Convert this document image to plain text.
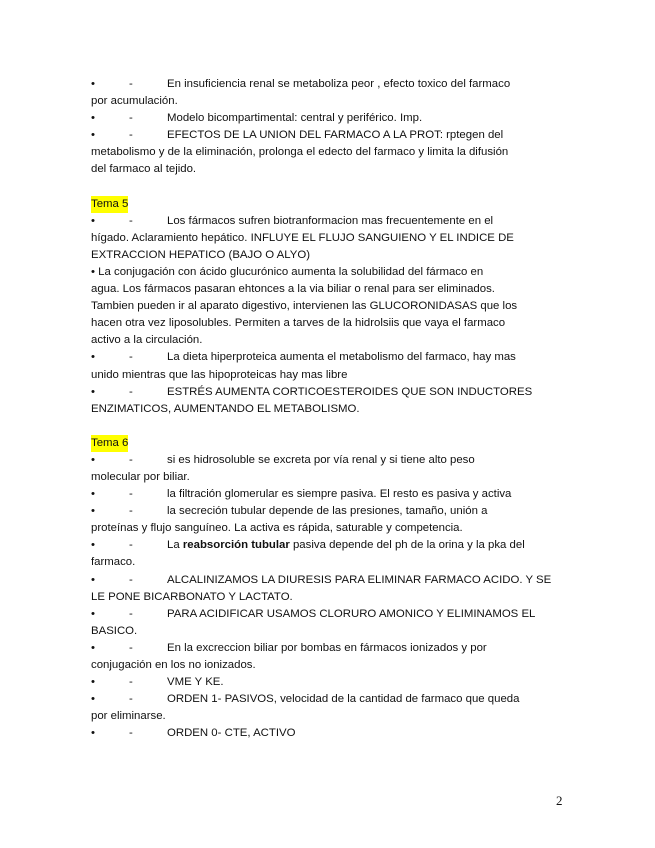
•	-	En insuficiencia renal se metaboliza peor , efecto toxico del farmaco

por acumulación.

•	-	Modelo bicompartimental: central y periférico. Imp.

•	-	EFECTOS DE LA UNION DEL FARMACO A LA PROT: rptegen del

metabolismo y de la eliminación, prolonga el edecto del farmaco y limita la difusión

del farmaco al tejido.

Tema 5

•	-	Los fármacos sufren biotranformacion mas frecuentemente en el

hígado. Aclaramiento hepático. INFLUYE EL FLUJO SANGUIENO Y EL INDICE DE

EXTRACCION HEPATICO (BAJO O ALYO)

• La conjugación con ácido glucurónico aumenta la solubilidad del fármaco en

agua. Los fármacos pasaran ehtonces a la via biliar o renal para ser eliminados.

Tambien pueden ir al aparato digestivo, intervienen las GLUCORONIDASAS que los

hacen otra vez liposolubles. Permiten a tarves de la hidrolsiis que vaya el farmaco

activo a la circulación.

•	-	La dieta hiperproteica aumenta el metabolismo del farmaco, hay mas

unido mientras que las hipoproteicas hay mas libre

•	-	ESTRÉS AUMENTA CORTICOESTEROIDES QUE SON INDUCTORES

ENZIMATICOS, AUMENTANDO EL METABOLISMO.

Tema 6

•	-	si es hidrosoluble se excreta por vía renal y si tiene alto peso

molecular por biliar.

•	-	la filtración glomerular es siempre pasiva. El resto es pasiva y activa

•	-	la secreción tubular depende de las presiones, tamaño, unión a

proteínas y flujo sanguíneo. La activa es rápida, saturable y competencia.

•	-	La reabsorción tubular pasiva depende del ph de la orina y la pka del

farmaco.

•	-	ALCALINIZAMOS LA DIURESIS PARA ELIMINAR FARMACO ACIDO. Y SE

LE PONE BICARBONATO Y LACTATO.

•	-	PARA ACIDIFICAR USAMOS CLORURO AMONICO Y ELIMINAMOS EL

BASICO.

•	-	En la excreccion biliar por bombas en fármacos ionizados y por

conjugación en los no ionizados.

•	-	VME Y KE.

•	-	ORDEN 1- PASIVOS, velocidad de la cantidad de farmaco que queda

por eliminarse.

•	-	ORDEN 0- CTE, ACTIVO

2
